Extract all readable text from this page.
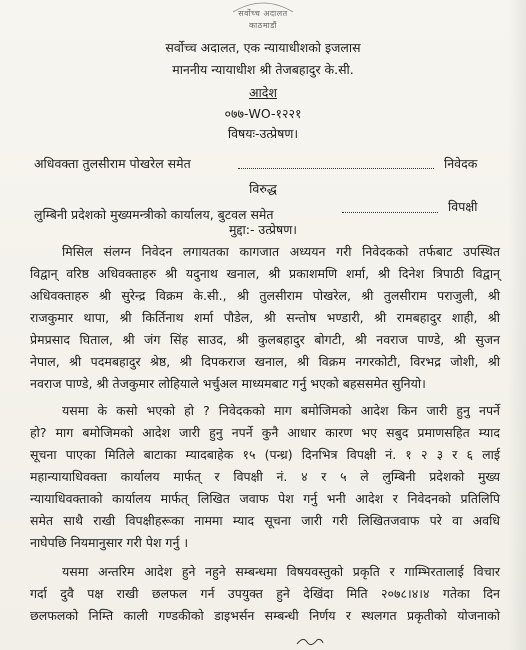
सर्वोच्च अदालत
काठमाडौं
सर्वोच्च अदालत, एक न्यायाधीशको इजलास
माननीय न्यायाधीश श्री तेजबहादुर के.सी.
आदेश
०७७-WO-१२२१
विषयः-उत्प्रेषण।
अधिवक्ता तुलसीराम पोखरेल समेत	निवेदक
विरुद्ध
लुम्बिनी प्रदेशको मुख्यमन्त्रीको कार्यालय, बुटवल समेत
विपक्षी
मुद्दा:- उत्प्रेषण।
मिसिल संलग्न निवेदन लगायतका कागजात अध्ययन गरी निवेदकको तर्फबाट उपस्थित
विद्वान् वरिष्ठ अधिवक्ताहरु श्री यदुनाथ खनाल, श्री प्रकाशमणि शर्मा, श्री दिनेश त्रिपाठी विद्वान्
अधिवक्ताहरु श्री सुरेन्द्र विक्रम के.सी., श्री तुलसीराम पोखरेल, श्री तुलसीराम पराजुली, श्री
राजकुमार थापा, श्री किर्तिनाथ शर्मा पौडेल, श्री सन्तोष भण्डारी, श्री रामबहादुर शाही, श्री
प्रेमप्रसाद घिताल, श्री जंग सिंह साउद, श्री कुलबहादुर बोगटी, श्री नवराज पाण्डे, श्री सुजन
नेपाल, श्री पदमबहादुर श्रेष्ठ, श्री दिपकराज खनाल, श्री विक्रम नगरकोटी, विरभद्र जोशी, श्री
नवराज पाण्डे, श्री तेजकुमार लोहियाले भर्चुअल माध्यमबाट गर्नु भएको बहससमेत सुनियो।
यसमा के कसो भएको हो ? निवेदकको माग बमोजिमको आदेश किन जारी हुनु नपर्ने
हो? माग बमोजिमको आदेश जारी हुनु नपर्ने कुनै आधार कारण भए सबुद प्रमाणसहित म्याद
सूचना पाएका मितिले बाटाका म्यादबाहेक १५ (पन्ध्र) दिनभित्र विपक्षी नं. १ २ ३ र ६ लाई
महान्यायाधिवक्ता कार्यालय मार्फत् र विपक्षी नं. ४ र ५ ले लुम्बिनी प्रदेशको मुख्य
न्यायाधिवक्ताको कार्यालय मार्फत् लिखित जवाफ पेश गर्नु भनी आदेश र निवेदनको प्रतिलिपि
समेत साथै राखी विपक्षीहरूका नाममा म्याद सूचना जारी गरी लिखितजवाफ परे वा अवधि
नाघेपछि नियमानुसार गरी पेश गर्नु ।
यसमा अन्तरिम आदेश हुने नहुने सम्बन्धमा विषयवस्तुको प्रकृति र गाम्भिरतालाई विचार
गर्दा दुवै पक्ष राखी छलफल गर्न उपयुक्त हुने देखिंदा मिति २०७८।४।४ गतेका दिन
छलफलको निम्ति काली गण्डकीको डाइभर्सन सम्बन्धी निर्णय र स्थलगत प्रकृतीको योजनाको
